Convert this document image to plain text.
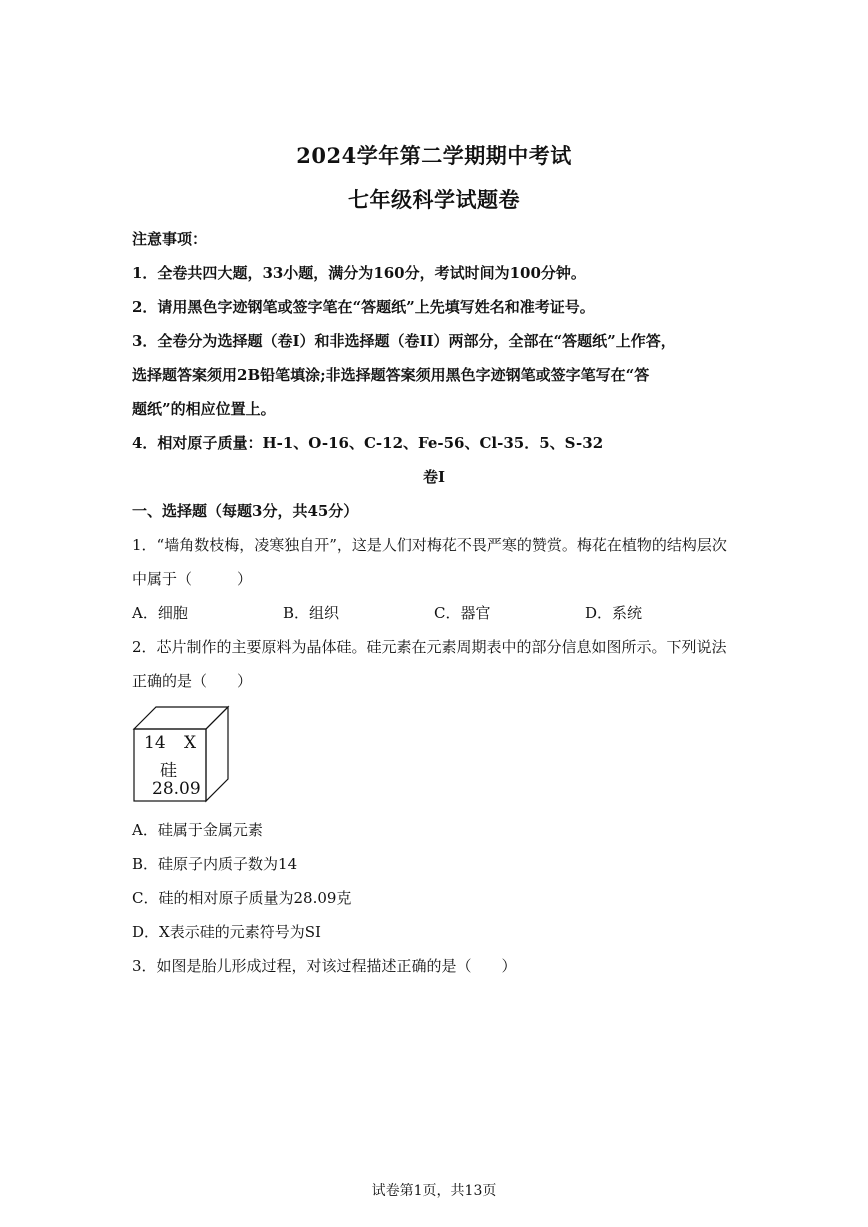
2024学年第二学期期中考试
七年级科学试题卷
注意事项：
1．全卷共四大题，33小题，满分为160分，考试时间为100分钟。
2．请用黑色字迹钢笔或签字笔在“答题纸”上先填写姓名和准考证号。
3．全卷分为选择题（卷I）和非选择题（卷II）两部分，全部在“答题纸”上作答，
选择题答案须用2B铅笔填涂;非选择题答案须用黑色字迹钢笔或签字笔写在“答
题纸”的相应位置上。
4．相对原子质量：H-1、O-16、C-12、Fe-56、Cl-35．5、S-32
卷I
一、选择题（每题3分，共45分）
1．“墙角数枝梅，凌寒独自开”，这是人们对梅花不畏严寒的赞赏。梅花在植物的结构层次
中属于（　　　）
A．细胞	B．组织	C．器官	D．系统
2．芯片制作的主要原料为晶体硅。硅元素在元素周期表中的部分信息如图所示。下列说法
正确的是（　　）
14 X
硅
28.09
A．硅属于金属元素
B．硅原子内质子数为14
C．硅的相对原子质量为28.09克
D．X表示硅的元素符号为SI
3．如图是胎儿形成过程，对该过程描述正确的是（　　）
试卷第1页，共13页
